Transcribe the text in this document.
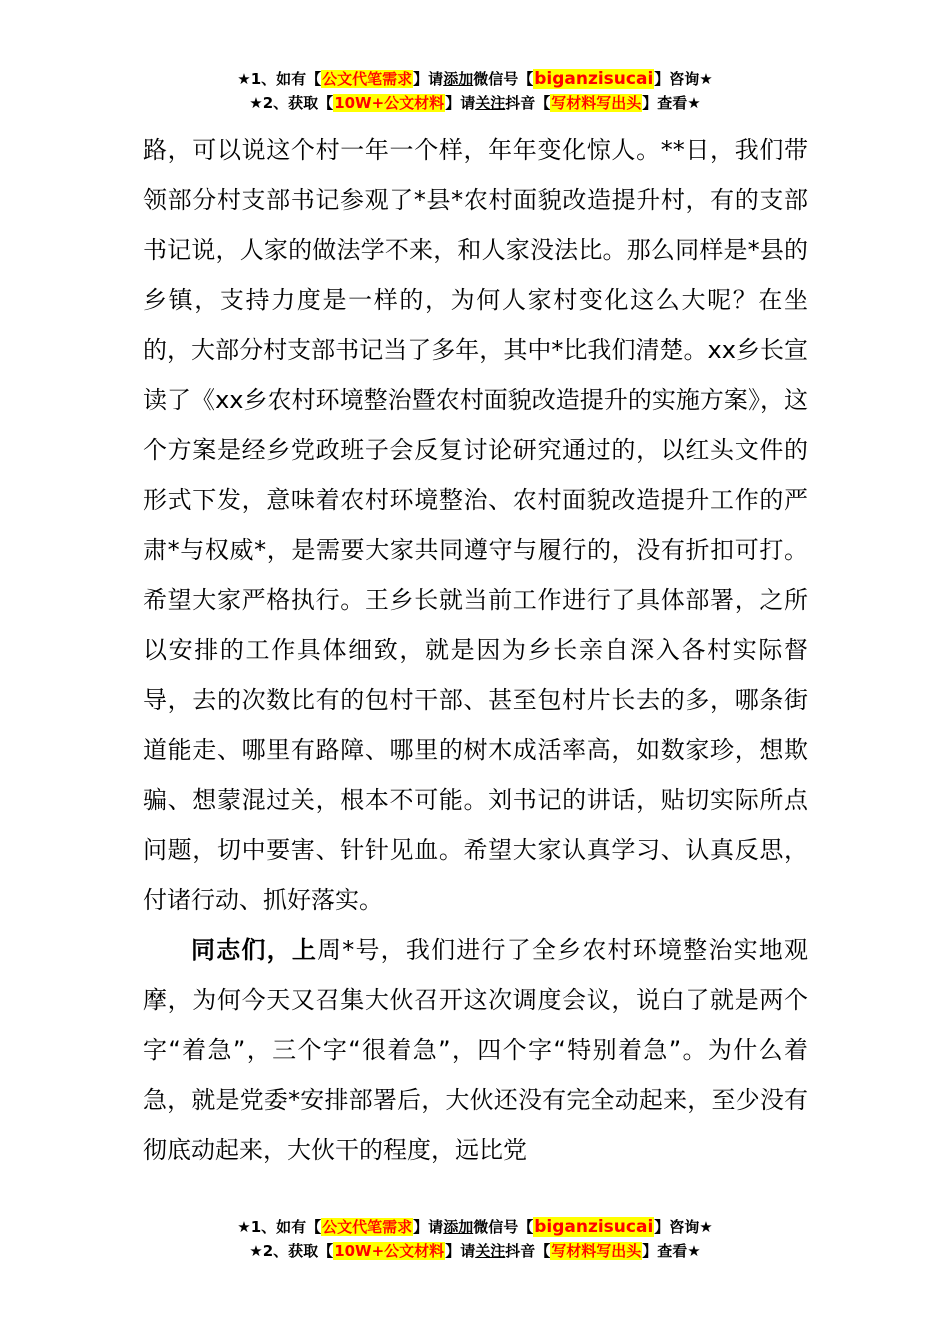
★1、如有【公文代笔需求】请添加微信号【biganzisucai】咨询★
★2、获取【10W+公文材料】请关注抖音【写材料写出头】查看★

路，可以说这个村一年一个样，年年变化惊人。**日，我们带领部分村支部书记参观了*县*农村面貌改造提升村，有的支部书记说，人家的做法学不来，和人家没法比。那么同样是*县的乡镇，支持力度是一样的，为何人家村变化这么大呢？在坐的，大部分村支部书记当了多年，其中*比我们清楚。xx乡长宣读了《xx乡农村环境整治暨农村面貌改造提升的实施方案》，这个方案是经乡党政班子会反复讨论研究通过的，以红头文件的形式下发，意味着农村环境整治、农村面貌改造提升工作的严肃*与权威*，是需要大家共同遵守与履行的，没有折扣可打。希望大家严格执行。王乡长就当前工作进行了具体部署，之所以安排的工作具体细致，就是因为乡长亲自深入各村实际督导，去的次数比有的包村干部、甚至包村片长去的多，哪条街道能走、哪里有路障、哪里的树木成活率高，如数家珍，想欺骗、想蒙混过关，根本不可能。刘书记的讲话，贴切实际所点问题，切中要害、针针见血。希望大家认真学习、认真反思，付诸行动、抓好落实。

同志们，上周*号，我们进行了全乡农村环境整治实地观摩，为何今天又召集大伙召开这次调度会议，说白了就是两个字“着急”，三个字“很着急”，四个字“特别着急”。为什么着急，就是党委*安排部署后，大伙还没有完全动起来，至少没有彻底动起来，大伙干的程度，远比党

★1、如有【公文代笔需求】请添加微信号【biganzisucai】咨询★
★2、获取【10W+公文材料】请关注抖音【写材料写出头】查看★
